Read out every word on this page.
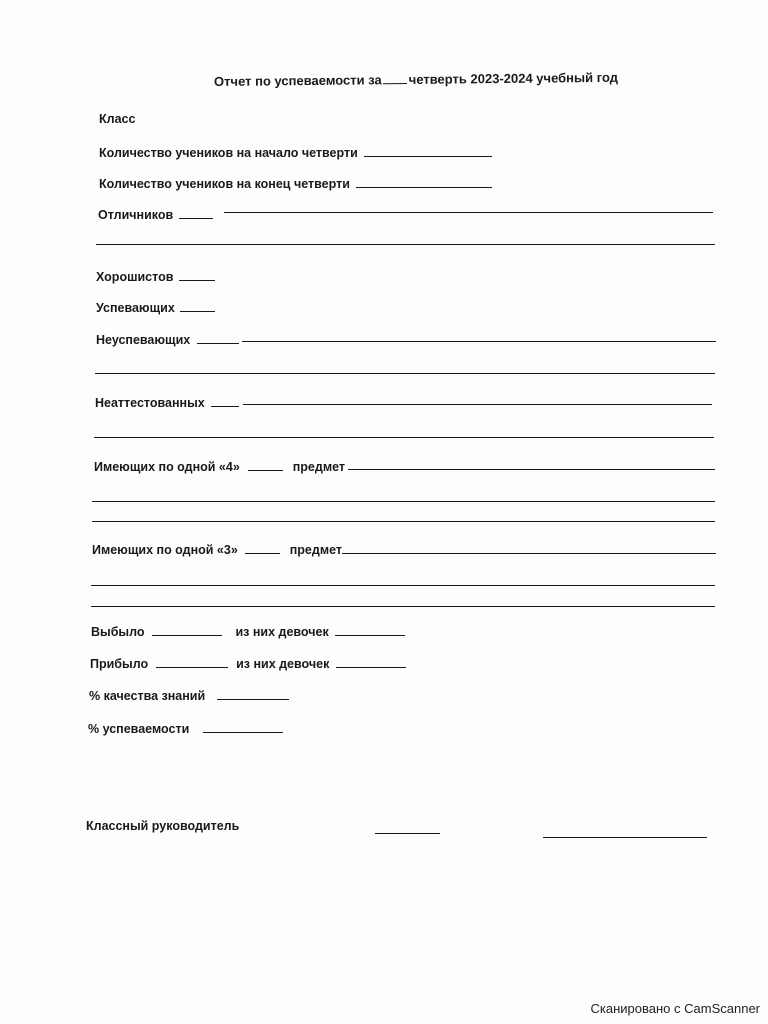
Отчет по успеваемости за четверть 2023-2024 учебный год
Класс
Количество учеников на начало четверти
Количество учеников на конец четверти
Отличников
Хорошистов
Успевающих
Неуспевающих
Неаттестованных
Имеющих по одной «4»	предмет
Имеющих по одной «3»	предмет
Выбыло	из них девочек
Прибыло	из них девочек
% качества знаний
% успеваемости
Классный руководитель
Сканировано с CamScanner
